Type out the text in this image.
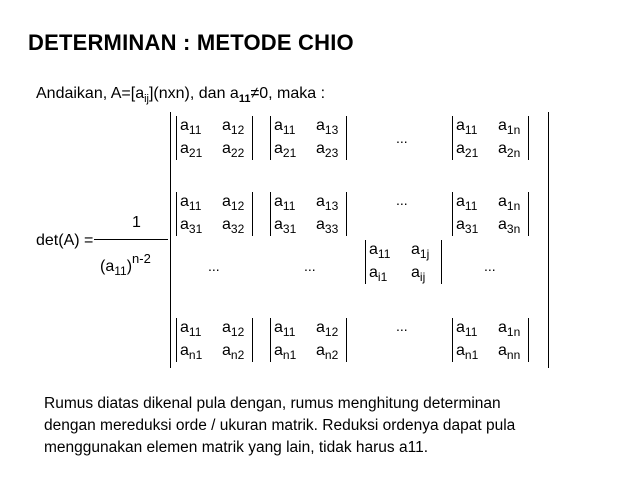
DETERMINAN : METODE CHIO
Andaikan, $A=[a_{ij}](nxn)$, dan $a_{11}\ne 0$, maka :
det(A) =
1
$(a_{11})^{n-2}$
...
...
...	...	...
...
$a_{11}$ $a_{12}$
$a_{21}$ $a_{22}$
$a_{11}$ $a_{13}$
$a_{21}$ $a_{23}$
$a_{11}$ $a_{1n}$
$a_{21}$ $a_{2n}$
$a_{11}$ $a_{12}$
$a_{31}$ $a_{32}$
$a_{11}$ $a_{13}$
$a_{31}$ $a_{33}$
$a_{11}$ $a_{1n}$
$a_{31}$ $a_{3n}$
$a_{11}$ $a_{1j}$
$a_{i1}$ $a_{ij}$
$a_{11}$ $a_{12}$
$a_{n1}$ $a_{n2}$
$a_{11}$ $a_{12}$
$a_{n1}$ $a_{n2}$
$a_{11}$ $a_{1n}$
$a_{n1}$ $a_{nn}$

Rumus diatas dikenal pula dengan, rumus menghitung determinan

dengan mereduksi orde / ukuran matrik. Reduksi ordenya dapat pula

menggunakan elemen matrik yang lain, tidak harus a11.
